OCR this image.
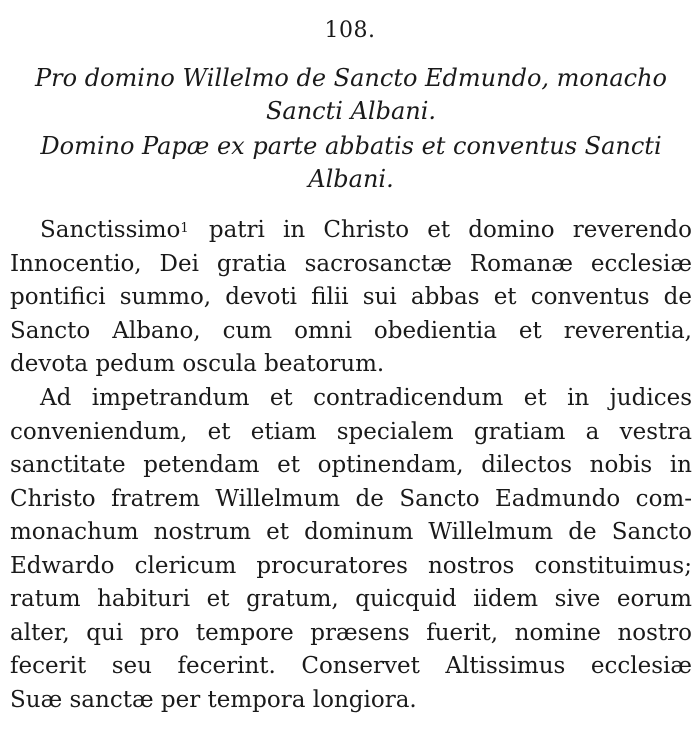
108.
Pro domino Willelmo de Sancto Edmundo, monacho
Sancti Albani.
Domino Papæ ex parte abbatis et conventus Sancti
Albani.
Sanctissimo$^1$ patri in Christo et domino reverendo
Innocentio, Dei gratia sacrosanctæ Romanæ ecclesiæ
pontifici summo, devoti filii sui abbas et conventus de
Sancto Albano, cum omni obedientia et reverentia,
devota pedum oscula beatorum.
Ad impetrandum et contradicendum et in judices
conveniendum, et etiam specialem gratiam a vestra
sanctitate petendam et optinendam, dilectos nobis in
Christo fratrem Willelmum de Sancto Eadmundo com-
monachum nostrum et dominum Willelmum de Sancto
Edwardo clericum procuratores nostros constituimus;
ratum habituri et gratum, quicquid iidem sive eorum
alter, qui pro tempore præsens fuerit, nomine nostro
fecerit seu fecerint. Conservet Altissimus ecclesiæ
Suæ sanctæ per tempora longiora.
